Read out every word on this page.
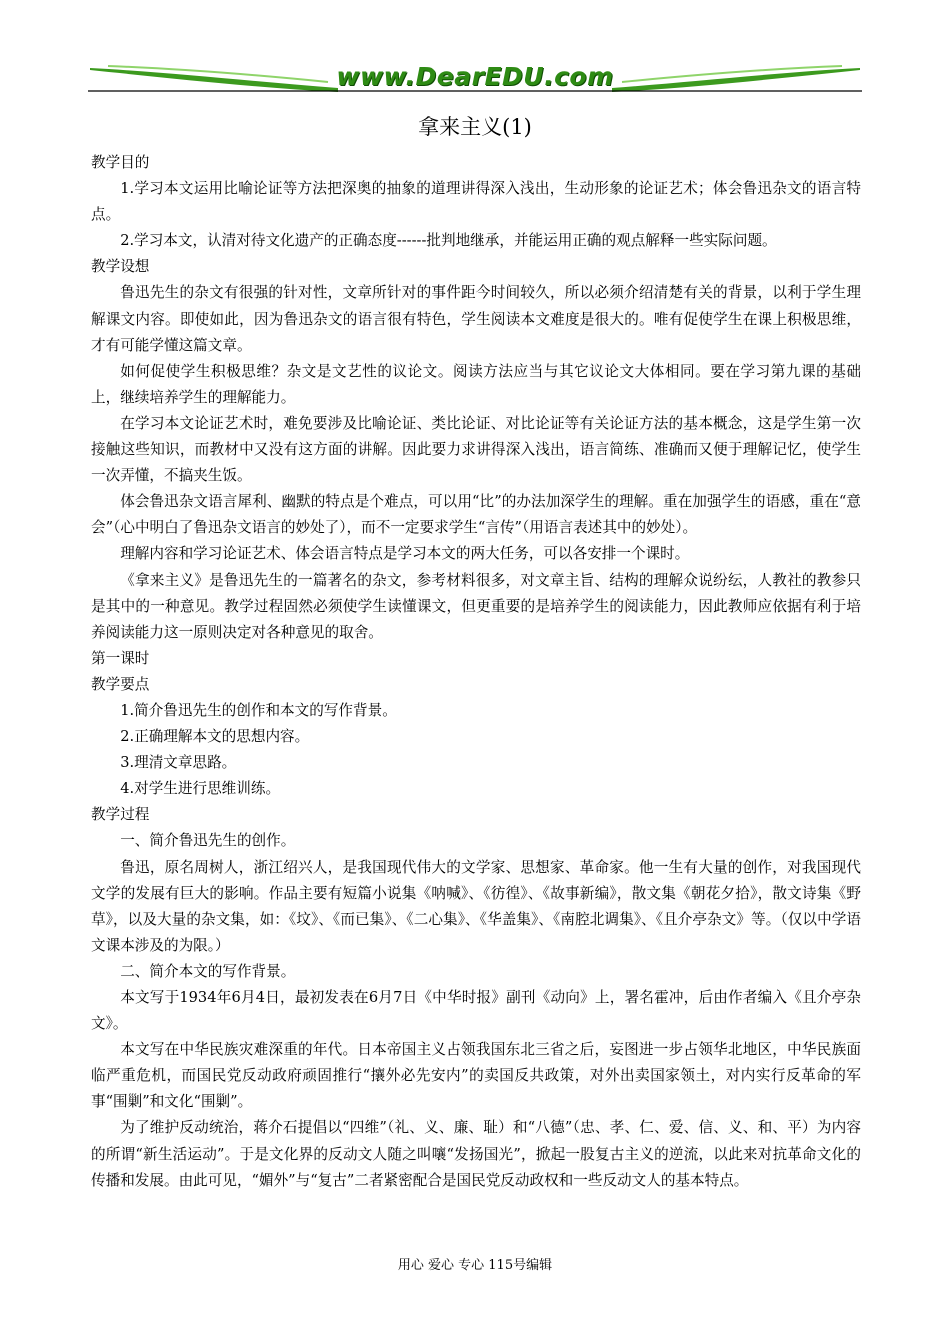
www.DearEDU.com
拿来主义(1)

教学目的

1.学习本文运用比喻论证等方法把深奥的抽象的道理讲得深入浅出，生动形象的论证艺术；体会鲁迅杂文的语言特点。

2.学习本文，认清对待文化遗产的正确态度------批判地继承，并能运用正确的观点解释一些实际问题。

教学设想

鲁迅先生的杂文有很强的针对性，文章所针对的事件距今时间较久，所以必须介绍清楚有关的背景，以利于学生理解课文内容。即使如此，因为鲁迅杂文的语言很有特色，学生阅读本文难度是很大的。唯有促使学生在课上积极思维，才有可能学懂这篇文章。

如何促使学生积极思维？杂文是文艺性的议论文。阅读方法应当与其它议论文大体相同。要在学习第九课的基础上，继续培养学生的理解能力。

在学习本文论证艺术时，难免要涉及比喻论证、类比论证、对比论证等有关论证方法的基本概念，这是学生第一次接触这些知识，而教材中又没有这方面的讲解。因此要力求讲得深入浅出，语言简练、准确而又便于理解记忆，使学生一次弄懂，不搞夹生饭。

体会鲁迅杂文语言犀利、幽默的特点是个难点，可以用“比”的办法加深学生的理解。重在加强学生的语感，重在“意会”（心中明白了鲁迅杂文语言的妙处了），而不一定要求学生“言传”（用语言表述其中的妙处）。

理解内容和学习论证艺术、体会语言特点是学习本文的两大任务，可以各安排一个课时。

《拿来主义》是鲁迅先生的一篇著名的杂文，参考材料很多，对文章主旨、结构的理解众说纷纭，人教社的教参只是其中的一种意见。教学过程固然必须使学生读懂课文，但更重要的是培养学生的阅读能力，因此教师应依据有利于培养阅读能力这一原则决定对各种意见的取舍。

第一课时

教学要点

1.简介鲁迅先生的创作和本文的写作背景。

2.正确理解本文的思想内容。

3.理清文章思路。

4.对学生进行思维训练。

教学过程

一、简介鲁迅先生的创作。

鲁迅，原名周树人，浙江绍兴人，是我国现代伟大的文学家、思想家、革命家。他一生有大量的创作，对我国现代文学的发展有巨大的影响。作品主要有短篇小说集《呐喊》、《彷徨》、《故事新编》，散文集《朝花夕拾》，散文诗集《野草》，以及大量的杂文集，如：《坟》、《而已集》、《二心集》、《华盖集》、《南腔北调集》、《且介亭杂文》等。（仅以中学语文课本涉及的为限。）

二、简介本文的写作背景。

本文写于1934年6月4日，最初发表在6月7日《中华时报》副刊《动向》上，署名霍冲，后由作者编入《且介亭杂文》。

本文写在中华民族灾难深重的年代。日本帝国主义占领我国东北三省之后，妄图进一步占领华北地区，中华民族面临严重危机，而国民党反动政府顽固推行“攘外必先安内”的卖国反共政策，对外出卖国家领土，对内实行反革命的军事“围剿”和文化“围剿”。

为了维护反动统治，蒋介石提倡以“四维”（礼、义、廉、耻）和“八德”（忠、孝、仁、爱、信、义、和、平）为内容的所谓“新生活运动”。于是文化界的反动文人随之叫嚷“发扬国光”，掀起一股复古主义的逆流，以此来对抗革命文化的传播和发展。由此可见，“媚外”与“复古”二者紧密配合是国民党反动政权和一些反动文人的基本特点。

用心 爱心 专心 115号编辑
